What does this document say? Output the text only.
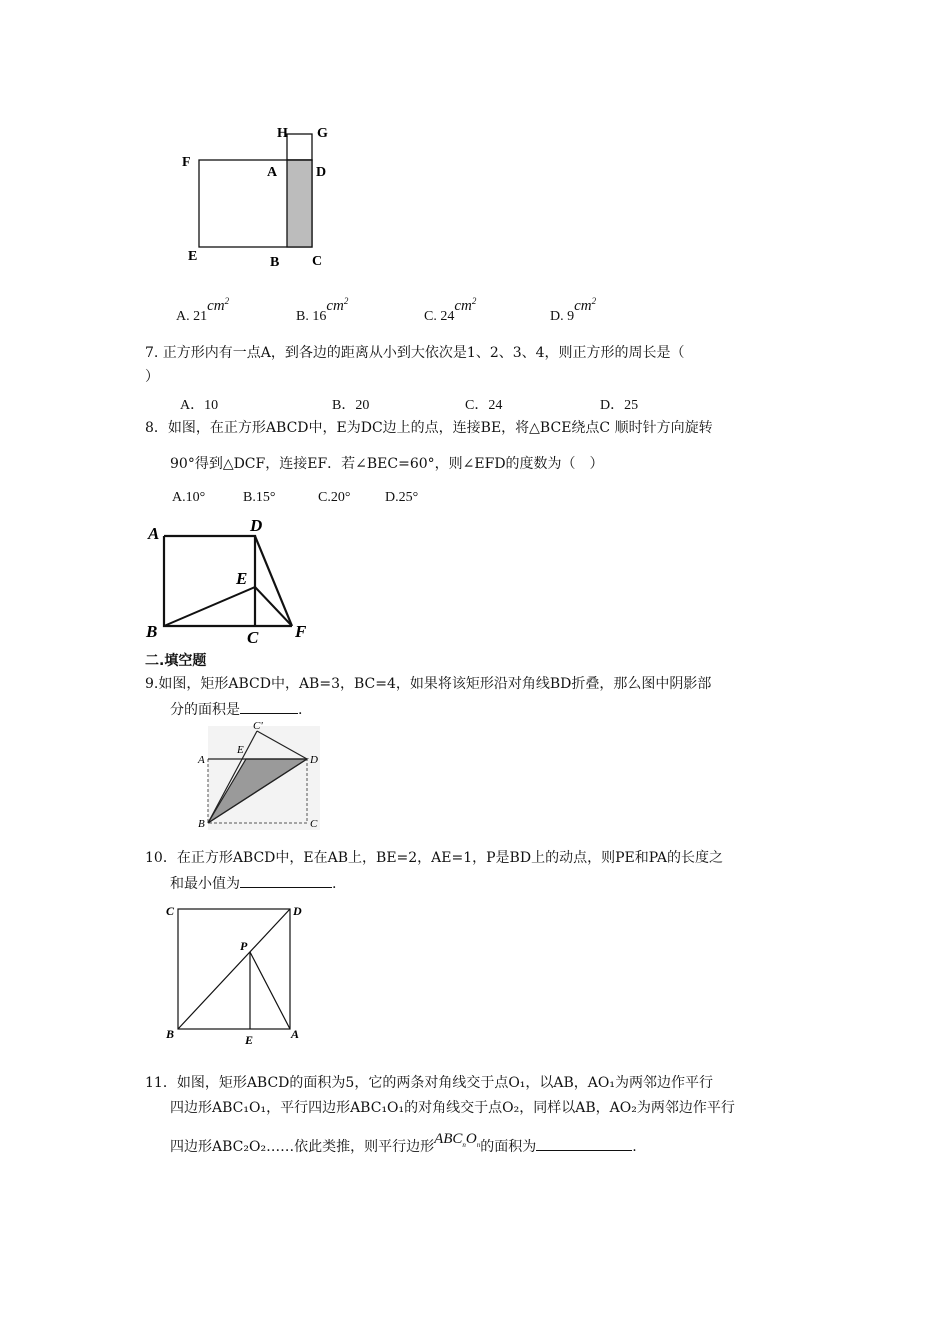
H G
F
A	D
E	B C
A. $21cm^2$
B. $16cm^2$
C. $24cm^2$
D. $9cm^2$
7. 正方形内有一点A，到各边的距离从小到大依次是1、2、3、4，则正方形的周长是（
）
A．10	B．20	C．24	D．25
8．如图，在正方形ABCD中，E为DC边上的点，连接BE，将△BCE绕点C 顺时针方向旋转
90°得到△DCF，连接EF．若∠BEC=60°，则∠EFD的度数为（　）
A.10°	B.15°	C.20° D.25°
A	D
E
B	C F
二.填空题
9.如图，矩形ABCD中，AB=3，BC=4，如果将该矩形沿对角线BD折叠，那么图中阴影部
分的面积是	.
C'
E
A	D
B	C
10．在正方形ABCD中，E在AB上，BE=2，AE=1，P是BD上的动点，则PE和PA的长度之
和最小值为	.
C	D
P
B	E	A
11．如图，矩形ABCD的面积为5，它的两条对角线交于点O₁，以AB，AO₁为两邻边作平行
四边形ABC₁O₁，平行四边形ABC₁O₁的对角线交于点O₂，同样以AB，AO₂为两邻边作平行
四边形ABC₂O₂……依此类推，则平行边形$ABC_nO_n$的面积为	.
